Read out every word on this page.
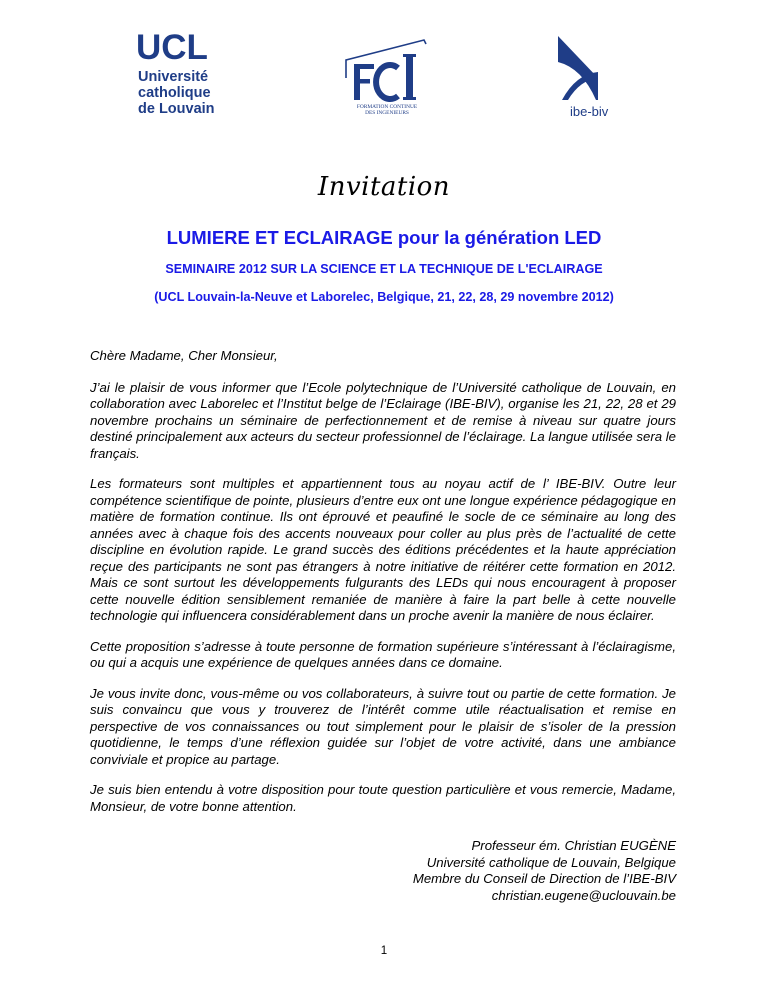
UCL
Université
catholique
de Louvain	FORMATION CONTINUE
DES INGENIEURS	ibe-biv
Invitation
LUMIERE ET ECLAIRAGE pour la génération LED
SEMINAIRE 2012 SUR LA SCIENCE ET LA TECHNIQUE DE L'ECLAIRAGE
(UCL Louvain-la-Neuve et Laborelec, Belgique, 21, 22, 28, 29 novembre 2012)

Chère Madame, Cher Monsieur,

J’ai le plaisir de vous informer que l’Ecole polytechnique de l’Université catholique de Louvain, en collaboration avec Laborelec et l’Institut belge de l’Eclairage (IBE-BIV), organise les 21, 22, 28 et 29 novembre prochains un séminaire de perfectionnement et de remise à niveau sur quatre jours destiné principalement aux acteurs du secteur professionnel de l’éclairage. La langue utilisée sera le français.

Les formateurs sont multiples et appartiennent tous au noyau actif de l’ IBE-BIV. Outre leur compétence scientifique de pointe, plusieurs d’entre eux ont une longue expérience pédagogique en matière de formation continue. Ils ont éprouvé et peaufiné le socle de ce séminaire au long des années avec à chaque fois des accents nouveaux pour coller au plus près de l’actualité de cette discipline en évolution rapide. Le grand succès des éditions précédentes et la haute appréciation reçue des participants ne sont pas étrangers à notre initiative de réitérer cette formation en 2012. Mais ce sont surtout les développements fulgurants des LEDs qui nous encouragent à proposer cette nouvelle édition sensiblement remaniée de manière à faire la part belle à cette nouvelle technologie qui influencera considérablement dans un proche avenir la manière de nous éclairer.

Cette proposition s’adresse à toute personne de formation supérieure s’intéressant à l’éclairagisme, ou qui a acquis une expérience de quelques années dans ce domaine.

Je vous invite donc, vous-même ou vos collaborateurs, à suivre tout ou partie de cette formation. Je suis convaincu que vous y trouverez de l’intérêt comme utile réactualisation et remise en perspective de vos connaissances ou tout simplement pour le plaisir de s’isoler de la pression quotidienne, le temps d’une réflexion guidée sur l’objet de votre activité, dans une ambiance conviviale et propice au partage.

Je suis bien entendu à votre disposition pour toute question particulière et vous remercie, Madame, Monsieur, de votre bonne attention.

Professeur ém. Christian EUGÈNE
Université catholique de Louvain, Belgique
Membre du Conseil de Direction de l’IBE-BIV
christian.eugene@uclouvain.be
1
